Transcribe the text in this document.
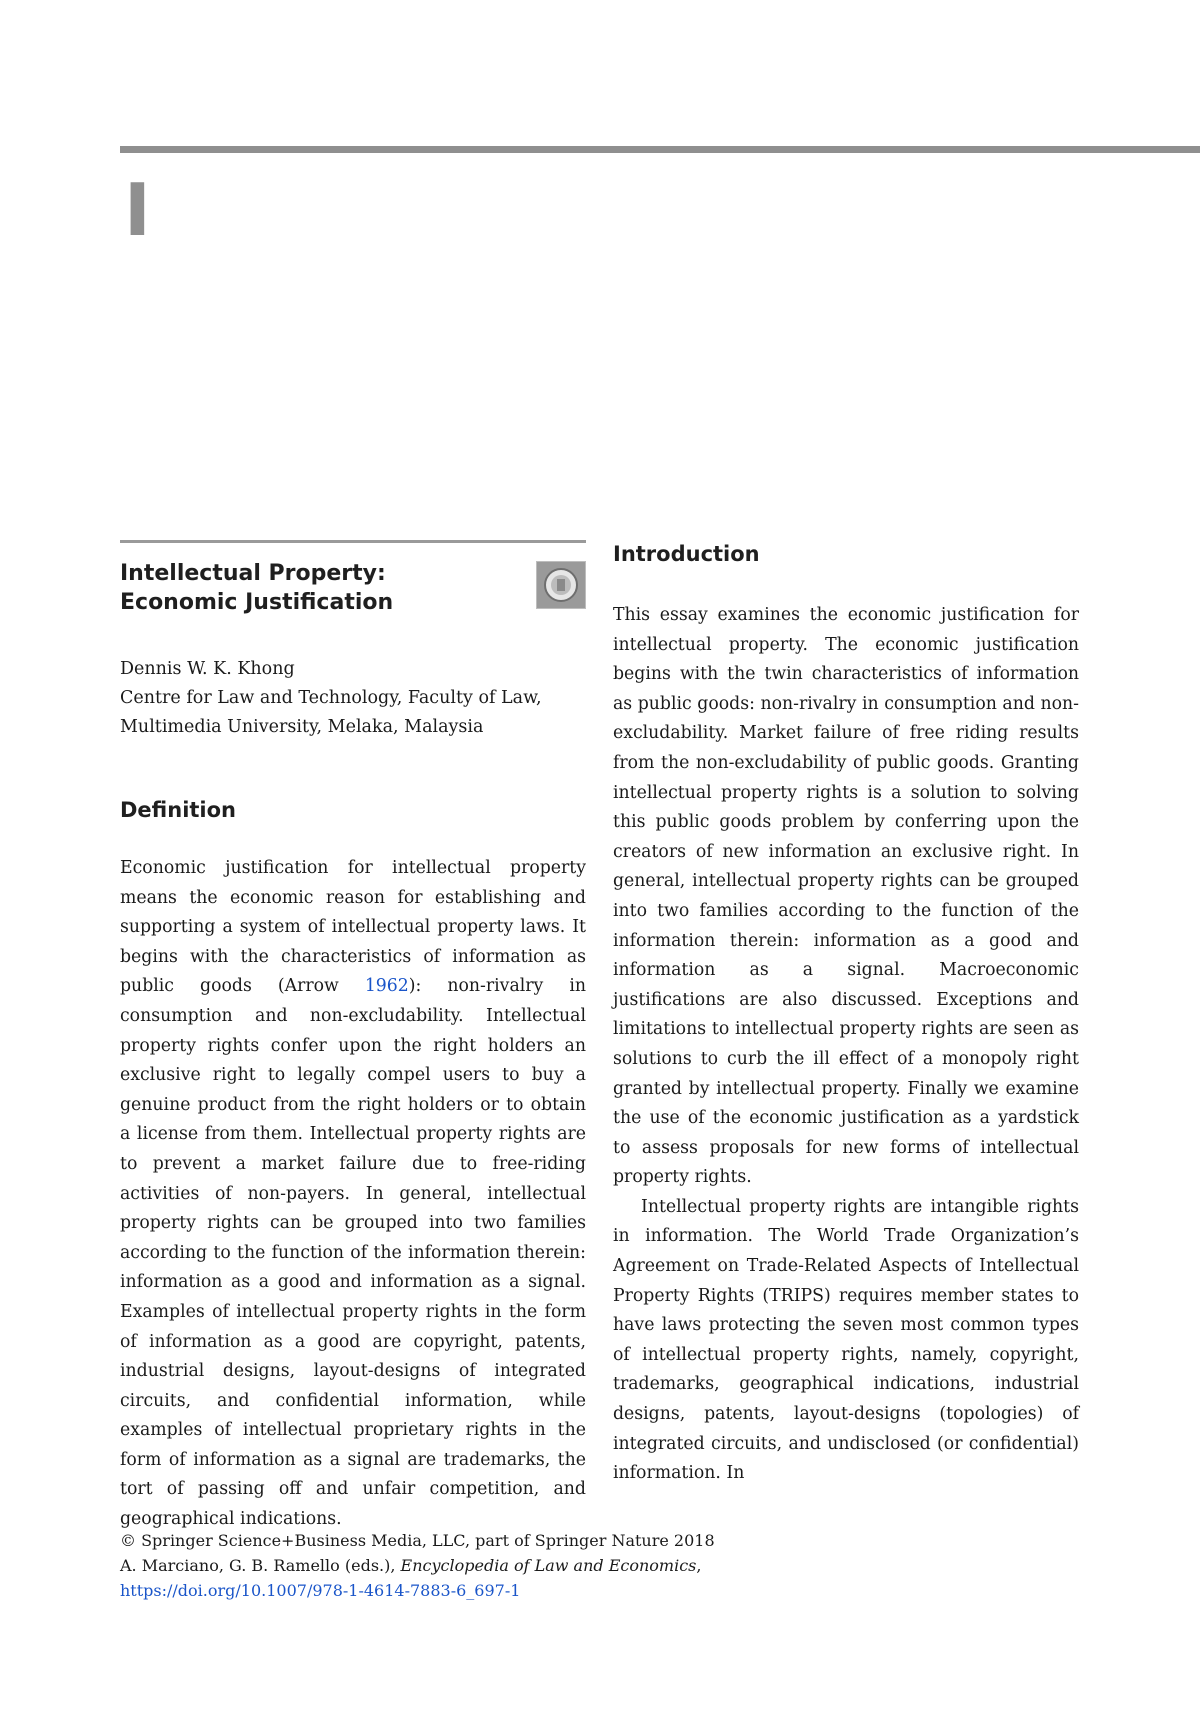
I
Intellectual Property:
Economic Justification
Dennis W. K. Khong
Centre for Law and Technology, Faculty of Law,
Multimedia University, Melaka, Malaysia
Definition

Economic justification for intellectual property means the economic reason for establishing and supporting a system of intellectual property laws. It begins with the characteristics of information as public goods (Arrow 1962): non-rivalry in consumption and non-excludability. Intellectual property rights confer upon the right holders an exclusive right to legally compel users to buy a genuine product from the right holders or to obtain a license from them. Intellectual property rights are to prevent a market failure due to free-riding activities of non-payers. In general, intellectual property rights can be grouped into two families according to the function of the information therein: information as a good and information as a signal. Examples of intellectual property rights in the form of information as a good are copyright, patents, industrial designs, layout-designs of integrated circuits, and confidential information, while examples of intellectual proprietary rights in the form of information as a signal are trademarks, the tort of passing off and unfair competition, and geographical indications.

Introduction

This essay examines the economic justification for intellectual property. The economic justification begins with the twin characteristics of information as public goods: non-rivalry in consumption and non-excludability. Market failure of free riding results from the non-excludability of public goods. Granting intellectual property rights is a solution to solving this public goods problem by conferring upon the creators of new information an exclusive right. In general, intellectual property rights can be grouped into two families according to the function of the information therein: information as a good and information as a signal. Macroeconomic justifications are also discussed. Exceptions and limitations to intellectual property rights are seen as solutions to curb the ill effect of a monopoly right granted by intellectual property. Finally we examine the use of the economic justification as a yardstick to assess proposals for new forms of intellectual property rights.

Intellectual property rights are intangible rights in information. The World Trade Organization’s Agreement on Trade-Related Aspects of Intellectual Property Rights (TRIPS) requires member states to have laws protecting the seven most common types of intellectual property rights, namely, copyright, trademarks, geographical indications, industrial designs, patents, layout-designs (topologies) of integrated circuits, and undisclosed (or confidential) information. In

© Springer Science+Business Media, LLC, part of Springer Nature 2018
A. Marciano, G. B. Ramello (eds.), Encyclopedia of Law and Economics,
https://doi.org/10.1007/978-1-4614-7883-6_697-1
